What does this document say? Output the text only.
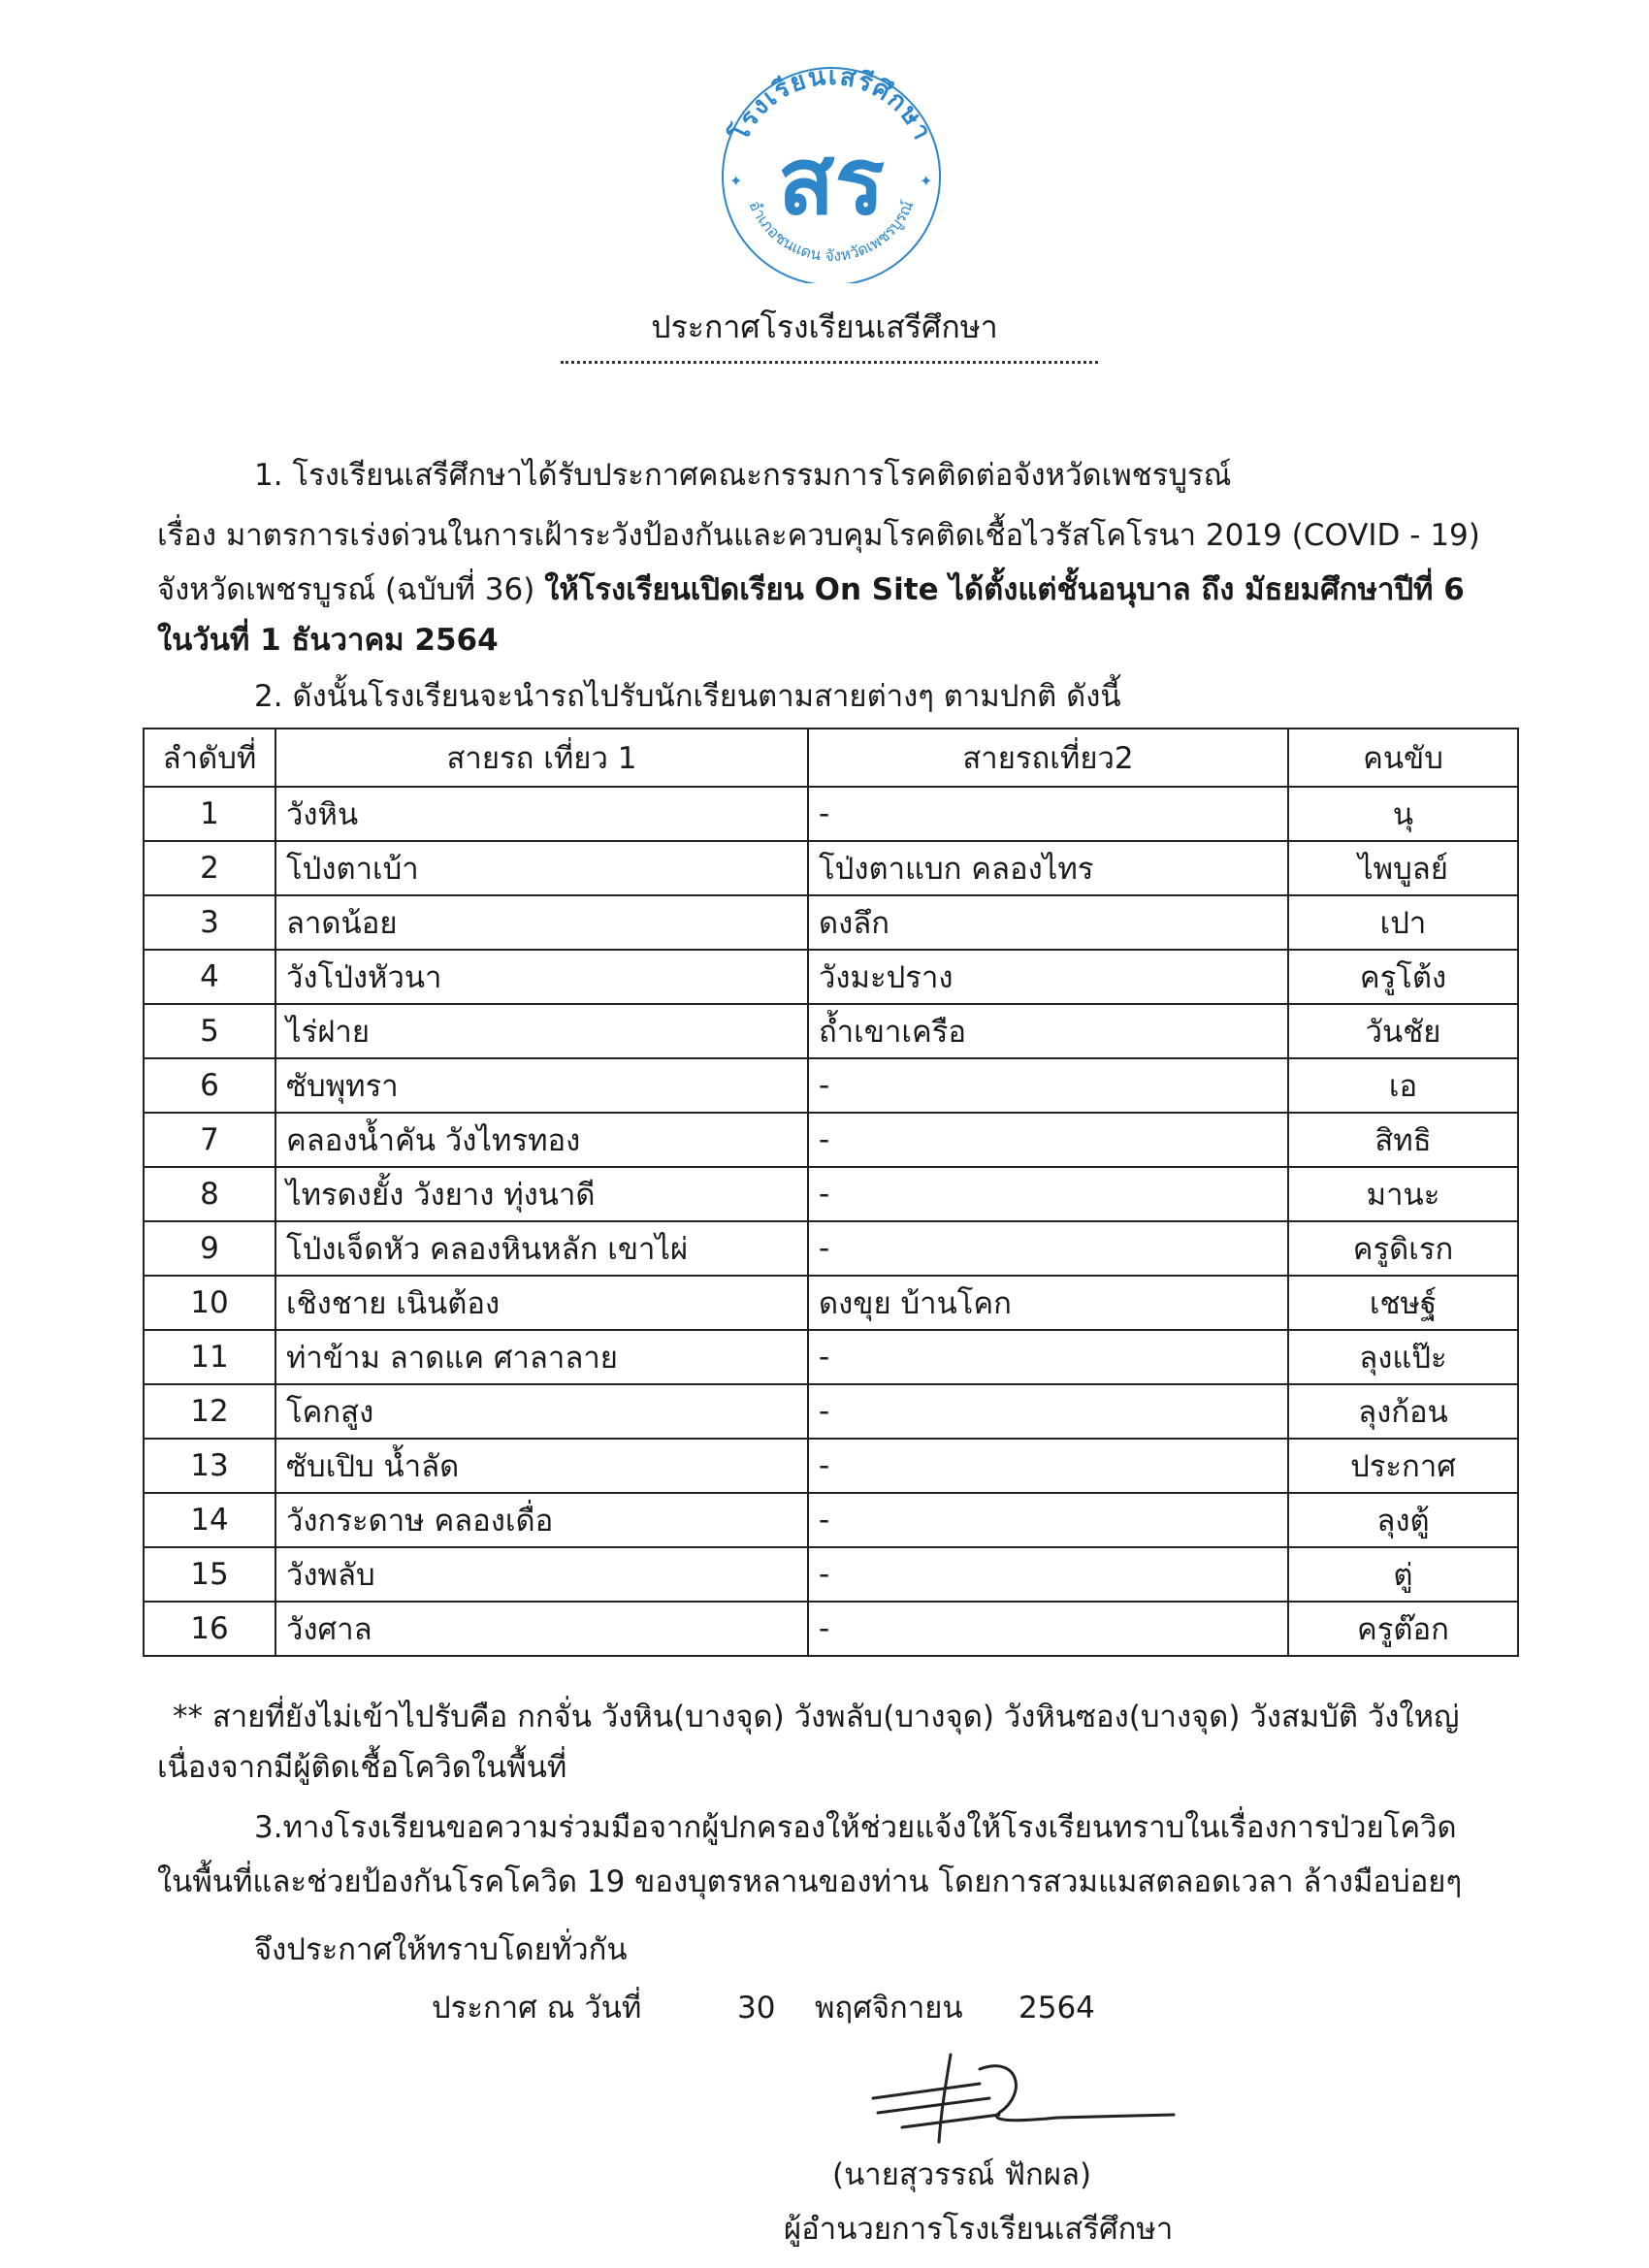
โรงเรียนเสรีศึกษา
อำเภอชนแดน จังหวัดเพชรบูรณ์
สร
✦	✦
ประกาศโรงเรียนเสรีศึกษา
1. โรงเรียนเสรีศึกษาได้รับประกาศคณะกรรมการโรคติดต่อจังหวัดเพชรบูรณ์
เรื่อง มาตรการเร่งด่วนในการเฝ้าระวังป้องกันและควบคุมโรคติดเชื้อไวรัสโคโรนา 2019 (COVID - 19)
จังหวัดเพชรบูรณ์ (ฉบับที่ 36) ให้โรงเรียนเปิดเรียน On Site ได้ตั้งแต่ชั้นอนุบาล ถึง มัธยมศึกษาปีที่ 6
ในวันที่ 1 ธันวาคม 2564
2. ดังนั้นโรงเรียนจะนำรถไปรับนักเรียนตามสายต่างๆ ตามปกติ ดังนี้
ลำดับที่	สายรถ เที่ยว 1	สายรถเที่ยว2	คนขับ
1	วังหิน	-	นุ
2	โป่งตาเบ้า	โป่งตาแบก คลองไทร	ไพบูลย์
3	ลาดน้อย	ดงลึก	เปา
4	วังโป่งหัวนา	วังมะปราง	ครูโต้ง
5	ไร่ฝาย	ถ้ำเขาเครือ	วันชัย
6	ซับพุทรา	-	เอ
7	คลองน้ำคัน วังไทรทอง	-	สิทธิ
8	ไทรดงยั้ง วังยาง ทุ่งนาดี	-	มานะ
9	โป่งเจ็ดหัว คลองหินหลัก เขาไผ่	-	ครูดิเรก
10	เชิงชาย เนินต้อง	ดงขุย บ้านโคก	เชษฐ์
11	ท่าข้าม ลาดแค ศาลาลาย	-	ลุงแป๊ะ
12	โคกสูง	-	ลุงก้อน
13	ซับเปิบ น้ำลัด	-	ประกาศ
14	วังกระดาษ คลองเดื่อ	-	ลุงตู้
15	วังพลับ	-	ตู่
16	วังศาล	-	ครูต๊อก
** สายที่ยังไม่เข้าไปรับคือ กกจั่น วังหิน(บางจุด) วังพลับ(บางจุด) วังหินซอง(บางจุด) วังสมบัติ วังใหญ่
เนื่องจากมีผู้ติดเชื้อโควิดในพื้นที่
3.ทางโรงเรียนขอความร่วมมือจากผู้ปกครองให้ช่วยแจ้งให้โรงเรียนทราบในเรื่องการป่วยโควิด
ในพื้นที่และช่วยป้องกันโรคโควิด 19 ของบุตรหลานของท่าน โดยการสวมแมสตลอดเวลา ล้างมือบ่อยๆ
จึงประกาศให้ทราบโดยทั่วกัน
ประกาศ ณ วันที่	30 พฤศจิกายน 2564
(นายสุวรรณ์ ฟักผล)
ผู้อำนวยการโรงเรียนเสรีศึกษา
